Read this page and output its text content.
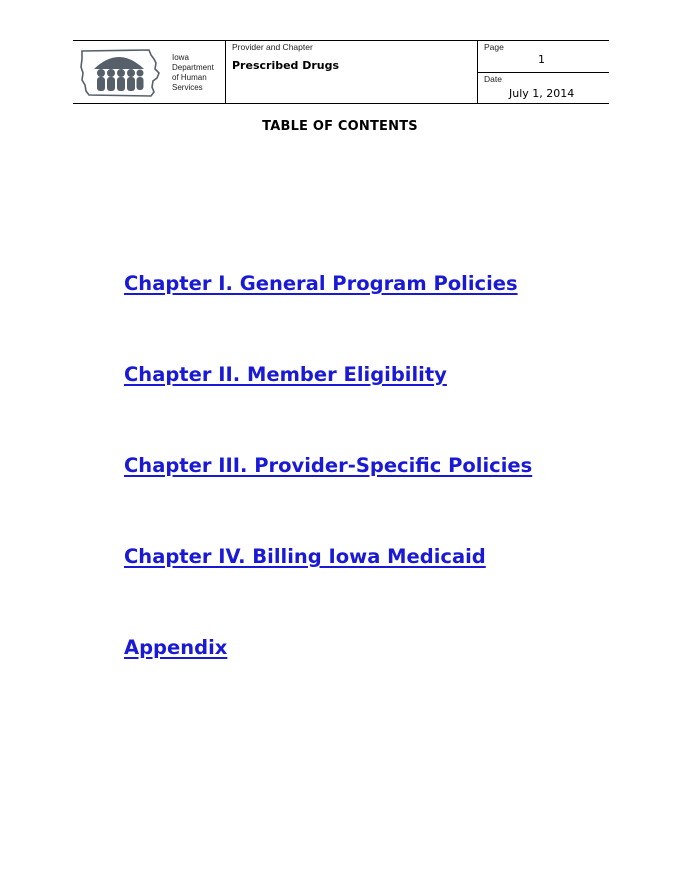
Iowa
Department
of Human
Services
Provider and Chapter
Prescribed Drugs
Page
1
Date
July 1, 2014
TABLE OF CONTENTS
Chapter I. General Program Policies
Chapter II. Member Eligibility
Chapter III. Provider-Specific Policies
Chapter IV. Billing Iowa Medicaid
Appendix
